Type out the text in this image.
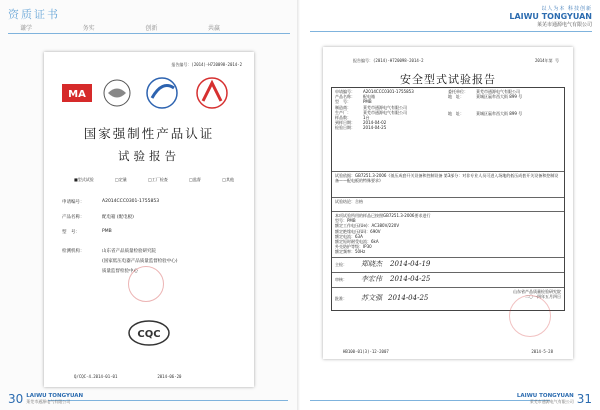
资质证书
谦学	务实	创新	共赢
报告编号：(2014)-H720098-2014-2
MA
国家强制性产品认证
试验报告
■型式试验	□定量	□工厂检查	□监督	□其他
申请编号：	A2014CCC0301-1755853
产品名称：	配电箱 (配电板)
型　号：	PMB
检测机构：	山东省产品质量检验研究院
(国家低压电器产品质量监督检验中心)
质量监督检验中心
CQC
Q/CQC-4.2014-01-01	2014-06-20
30 LAIWU TONGYUAN
莱芜市通源电气有限公司
以人为本 科技创新
LAIWU TONGYUAN
莱芜市通源电气有限公司
报告编号：(2014)-H720098-2014-2	2014年第 号
安全型式试验报告
申请编号：	A2014CCC0301-1755853
产品名称：	配电箱
型　号：	PMB
制造商：	莱芜市通源电气有限公司
生产厂：	莱芜市通源电气有限公司
样品数：	1台
到样日期：	2014-04-02
检验日期：	2014-04-25
委托单位：	莱芜市通源电气有限公司
地　址：	莱城区嬴牟西大街 899 号
地　址：	莱城区嬴牟西大街 899 号
试验依据：GB7251.3-2006《低压成套开关设备和控制设备 第3部分：对非专业人员可进入场地的低压成套开关设备和控制设备——配电板的特殊要求》
试验结论：合格
本项试验所用的样品已按照GB7251.3-2006要求进行
型号：PMB
额定工作电压(Ue)：AC380V/220V
额定绝缘电压(Ui)：690V
额定电流：63A
额定短时耐受电流：6kA
外壳防护等级：IP30
额定频率：50Hz
主检：	郑晓杰 2014-04-19
审核：	李宏伟 2014-04-25
批准：	苏文强 2014-04-25
山东省产品质量检验研究院
二〇一四年五月四日
HB100-01(3)-12-2007	2014-5-28
LAIWU TONGYUAN
莱芜市通源电气有限公司 31
